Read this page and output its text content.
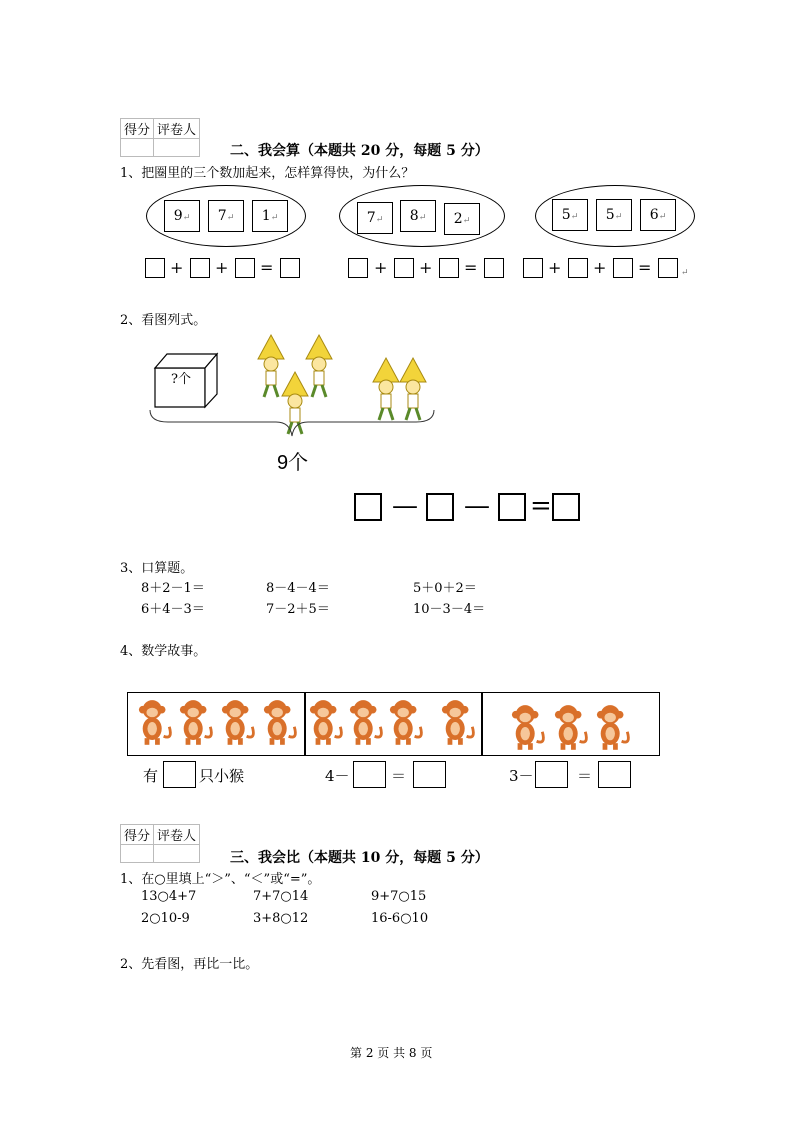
得分	评卷人

二、我会算（本题共 20 分，每题 5 分）
1、把圈里的三个数加起来，怎样算得快，为什么？
9↵	7↵	1↵	7↵	8↵	2↵	5↵	5↵	6↵
+ + =	+ + =	+ + =	↵
2、看图列式。
?个
9个
— — =
3、口算题。
8＋2－1＝	8－4－4＝	5＋0＋2＝
6＋4－3＝	7－2＋5＝	10－3－4＝
4、数学故事。
有	只小猴	4－	＝	3－	＝
得分	评卷人

三、我会比（本题共 10 分，每题 5 分）
1、在○里填上“＞”、“＜”或“=”。
13○4+7	7+7○14	9+7○15
2○10-9	3+8○12	16-6○10
2、先看图，再比一比。
第 2 页 共 8 页
